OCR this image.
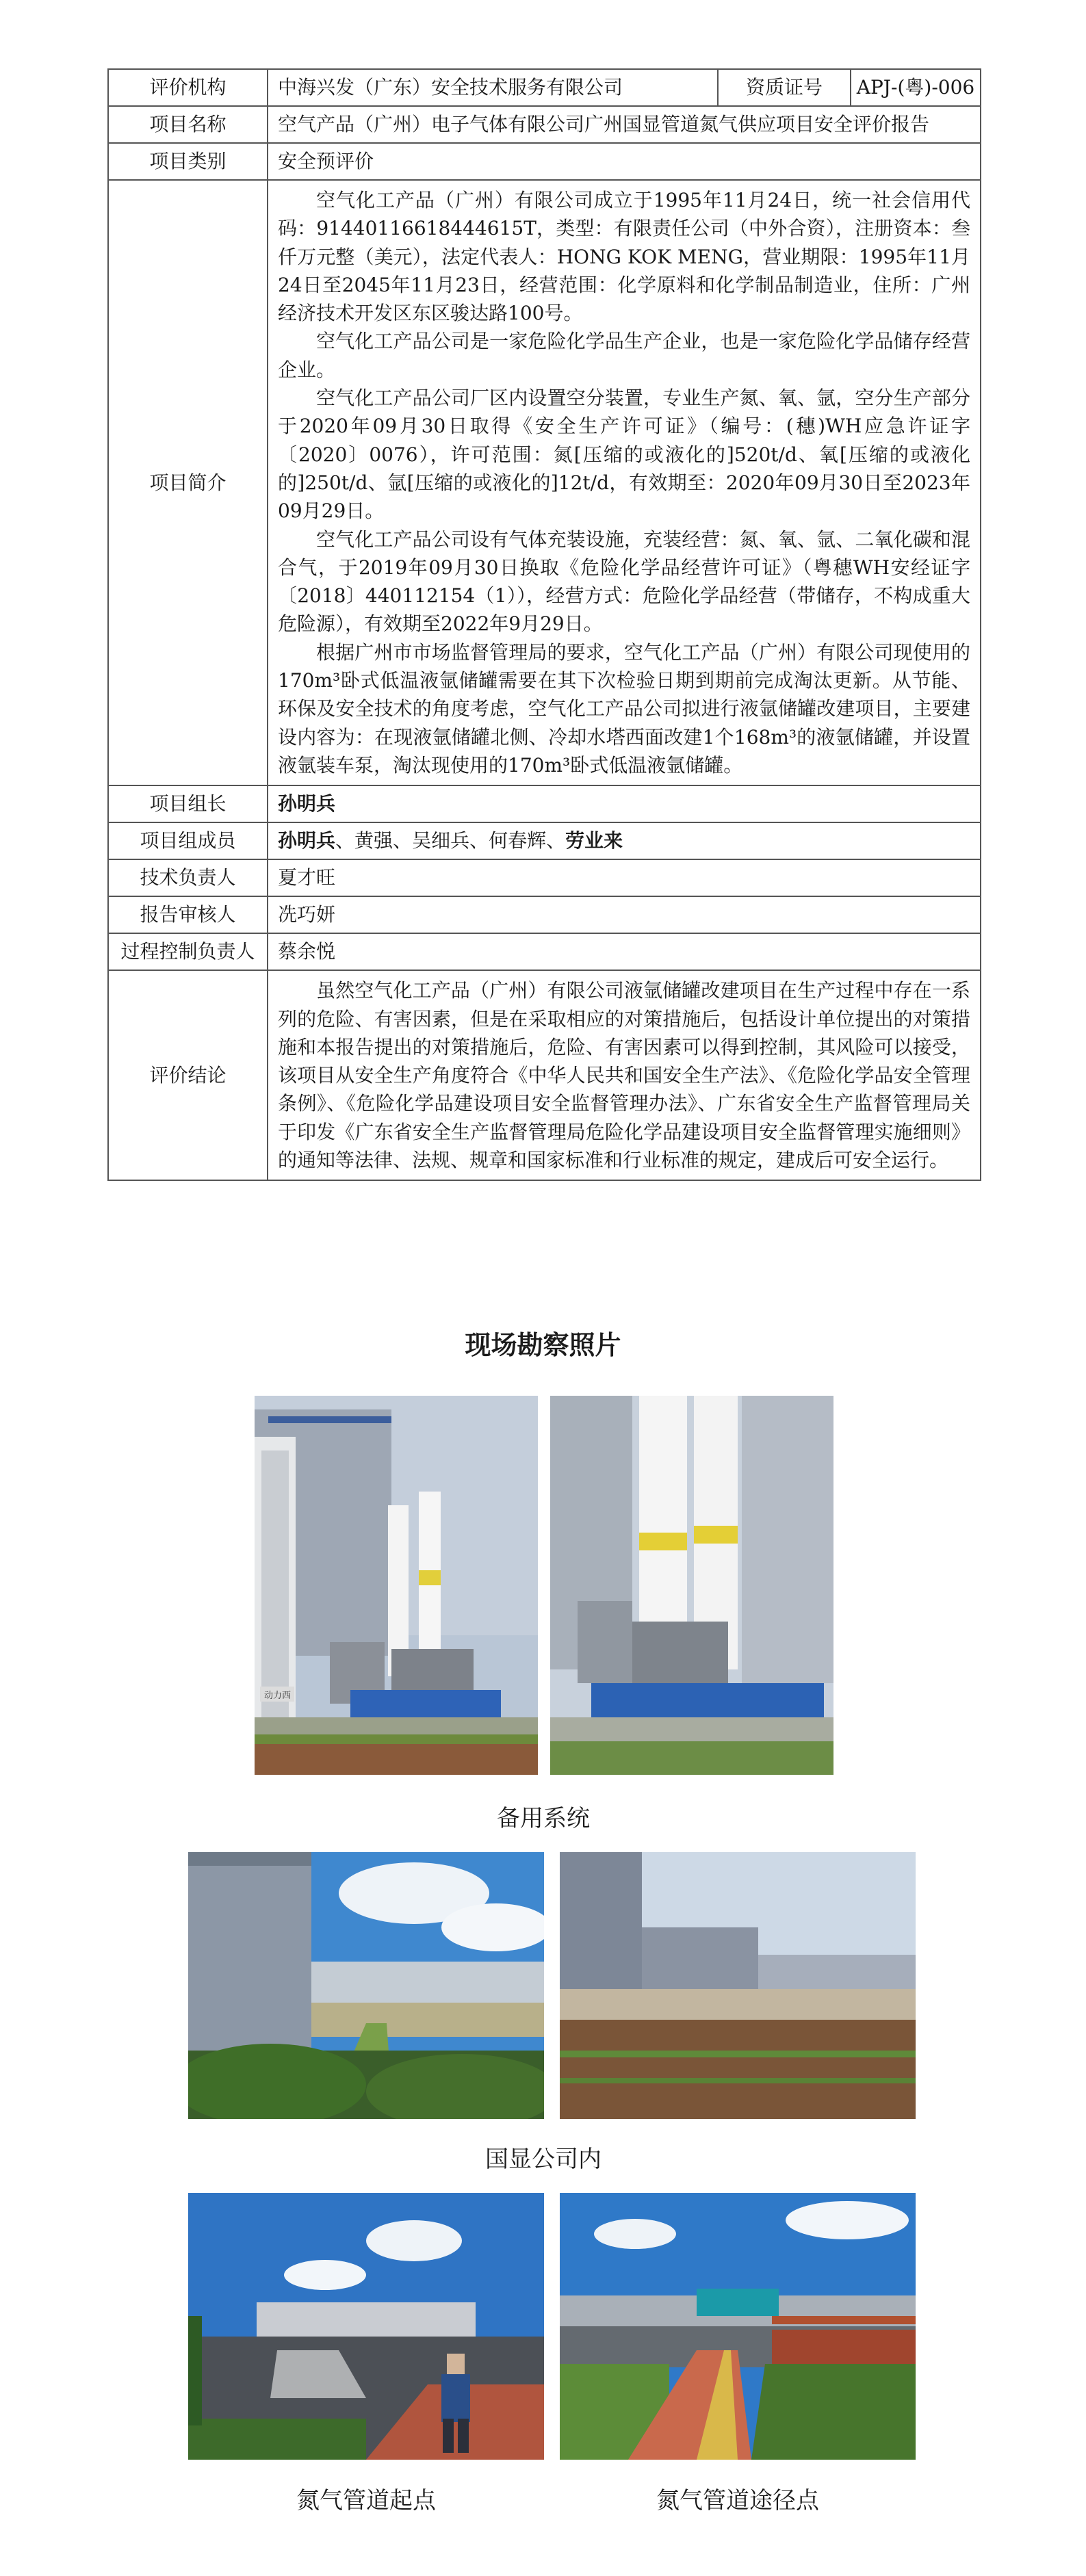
评价机构	中海兴发（广东）安全技术服务有限公司	资质证号	APJ-(粤)-006
项目名称	空气产品（广州）电子气体有限公司广州国显管道氮气供应项目安全评价报告		
项目类别	安全预评价		
项目简介	空气化工产品（广州）有限公司成立于1995年11月24日，统一社会信用代码：91440116618444615T，类型：有限责任公司（中外合资），注册资本：叁仟万元整（美元），法定代表人：HONG KOK MENG，营业期限：1995年11月24日至2045年11月23日，经营范围：化学原料和化学制品制造业，住所：广州经济技术开发区东区骏达路100号。

空气化工产品公司是一家危险化学品生产企业，也是一家危险化学品储存经营企业。

空气化工产品公司厂区内设置空分装置，专业生产氮、氧、氩，空分生产部分于2020年09月30日取得《安全生产许可证》（编号：(穗)WH应急许证字〔2020〕0076），许可范围：氮[压缩的或液化的]520t/d、氧[压缩的或液化的]250t/d、氩[压缩的或液化的]12t/d，有效期至：2020年09月30日至2023年09月29日。

空气化工产品公司设有气体充装设施，充装经营：氮、氧、氩、二氧化碳和混合气，于2019年09月30日换取《危险化学品经营许可证》（粤穗WH安经证字〔2018〕440112154（1）），经营方式：危险化学品经营（带储存，不构成重大危险源），有效期至2022年9月29日。

根据广州市市场监督管理局的要求，空气化工产品（广州）有限公司现使用的170m³卧式低温液氩储罐需要在其下次检验日期到期前完成淘汰更新。从节能、环保及安全技术的角度考虑，空气化工产品公司拟进行液氩储罐改建项目，主要建设内容为：在现液氩储罐北侧、冷却水塔西面改建1个168m³的液氩储罐，并设置液氩装车泵，淘汰现使用的170m³卧式低温液氩储罐。		

项目组长	孙明兵		
项目组成员	孙明兵、黄强、吴细兵、何春辉、劳业来		
技术负责人	夏才旺		
报告审核人	冼巧妍		
过程控制负责人	蔡余悦		
评价结论	虽然空气化工产品（广州）有限公司液氩储罐改建项目在生产过程中存在一系列的危险、有害因素，但是在采取相应的对策措施后，包括设计单位提出的对策措施和本报告提出的对策措施后，危险、有害因素可以得到控制，其风险可以接受，该项目从安全生产角度符合《中华人民共和国安全生产法》、《危险化学品安全管理条例》、《危险化学品建设项目安全监督管理办法》、广东省安全生产监督管理局关于印发《广东省安全生产监督管理局危险化学品建设项目安全监督管理实施细则》的通知等法律、法规、规章和国家标准和行业标准的规定，建成后可安全运行。		

现场勘察照片
动力西
备用系统
国显公司内
氮气管道起点	氮气管道途径点
